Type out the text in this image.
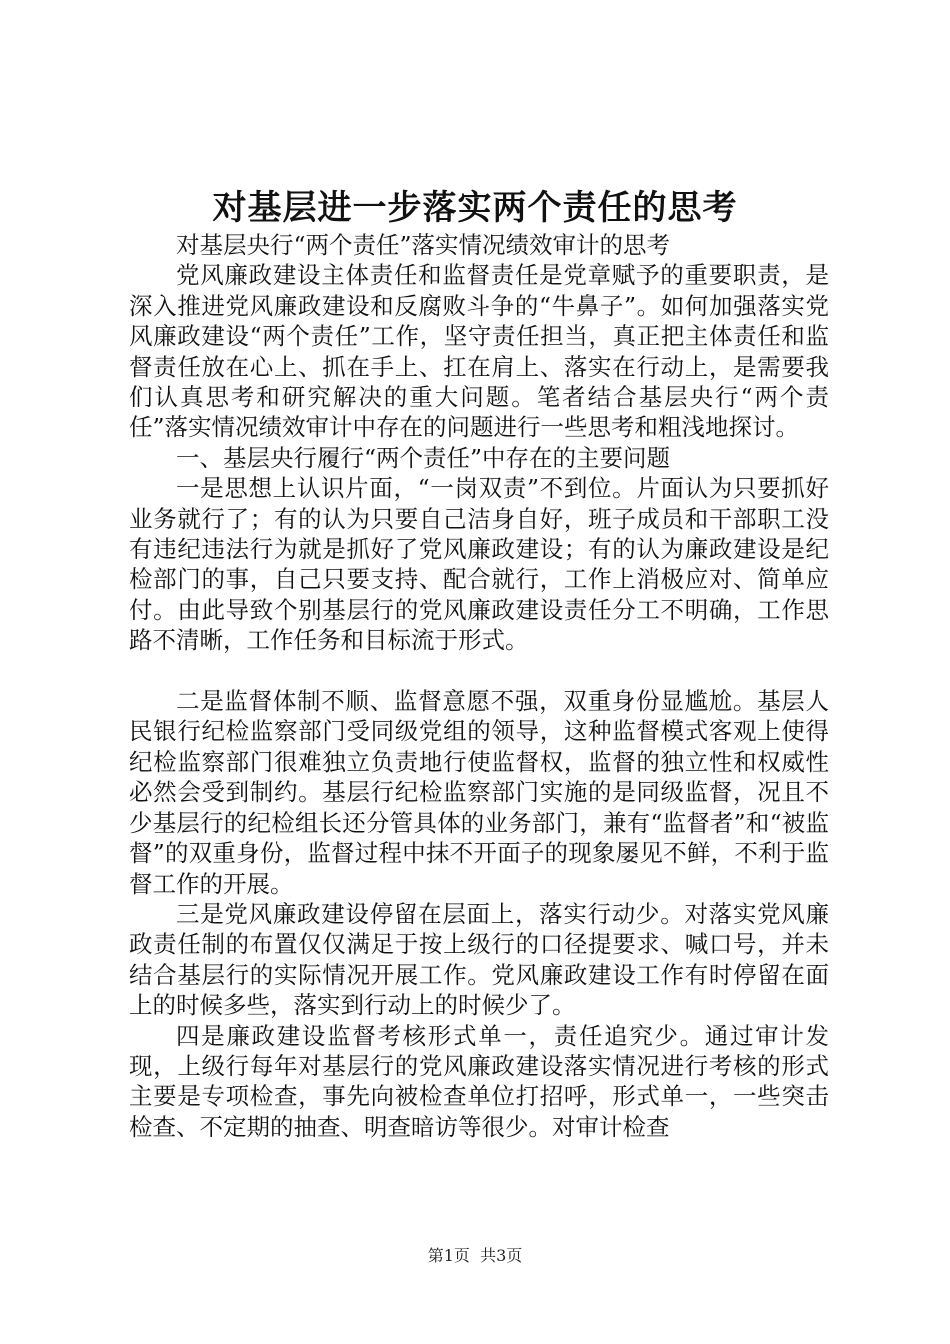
对基层进一步落实两个责任的思考

对基层央行“两个责任”落实情况绩效审计的思考

党风廉政建设主体责任和监督责任是党章赋予的重要职责，是深入推进党风廉政建设和反腐败斗争的“牛鼻子”。如何加强落实党风廉政建设“两个责任”工作，坚守责任担当，真正把主体责任和监督责任放在心上、抓在手上、扛在肩上、落实在行动上，是需要我们认真思考和研究解决的重大问题。笔者结合基层央行“两个责任”落实情况绩效审计中存在的问题进行一些思考和粗浅地探讨。

一、基层央行履行“两个责任”中存在的主要问题

一是思想上认识片面，“一岗双责”不到位。片面认为只要抓好业务就行了；有的认为只要自己洁身自好，班子成员和干部职工没有违纪违法行为就是抓好了党风廉政建设；有的认为廉政建设是纪检部门的事，自己只要支持、配合就行，工作上消极应对、简单应付。由此导致个别基层行的党风廉政建设责任分工不明确，工作思路不清晰，工作任务和目标流于形式。

二是监督体制不顺、监督意愿不强，双重身份显尴尬。基层人民银行纪检监察部门受同级党组的领导，这种监督模式客观上使得纪检监察部门很难独立负责地行使监督权，监督的独立性和权威性必然会受到制约。基层行纪检监察部门实施的是同级监督，况且不少基层行的纪检组长还分管具体的业务部门，兼有“监督者”和“被监督”的双重身份，监督过程中抹不开面子的现象屡见不鲜，不利于监督工作的开展。

三是党风廉政建设停留在层面上，落实行动少。对落实党风廉政责任制的布置仅仅满足于按上级行的口径提要求、喊口号，并未结合基层行的实际情况开展工作。党风廉政建设工作有时停留在面上的时候多些，落实到行动上的时候少了。

四是廉政建设监督考核形式单一，责任追究少。通过审计发现，上级行每年对基层行的党风廉政建设落实情况进行考核的形式主要是专项检查，事先向被检查单位打招呼，形式单一，一些突击检查、不定期的抽查、明查暗访等很少。对审计检查

第1页 共3页
